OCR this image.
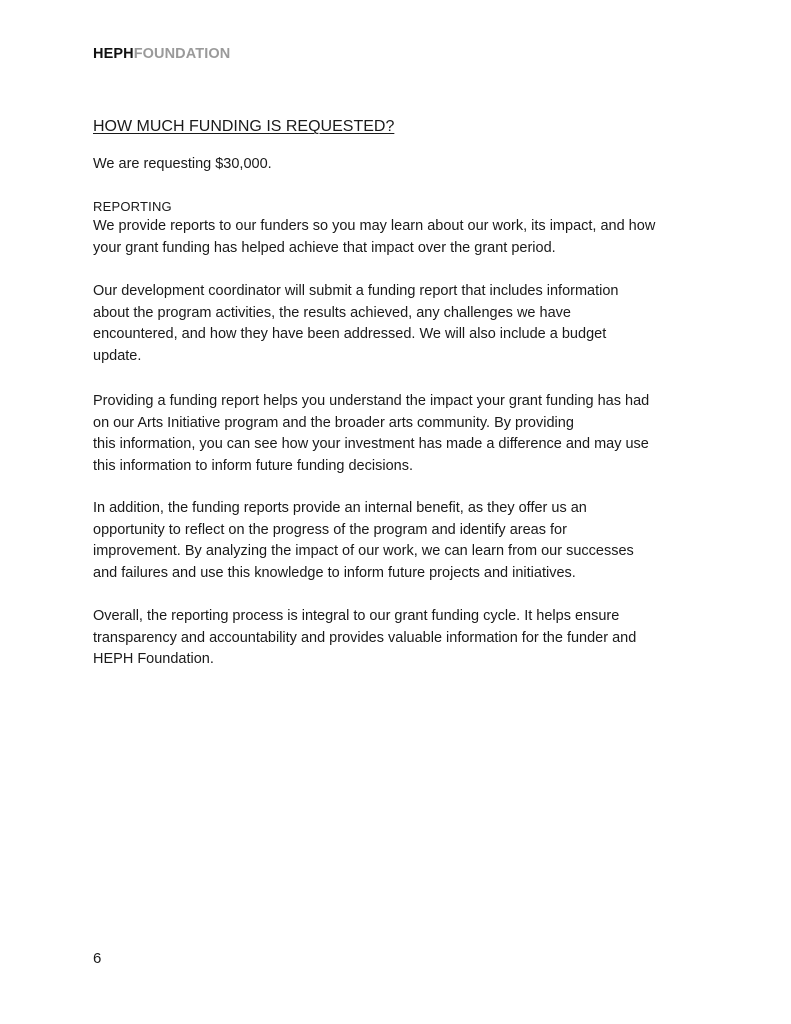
HEPHFOUNDATION
HOW MUCH FUNDING IS REQUESTED?
We are requesting $30,000.
REPORTING
We provide reports to our funders so you may learn about our work, its impact, and how
your grant funding has helped achieve that impact over the grant period.
Our development coordinator will submit a funding report that includes information
about the program activities, the results achieved, any challenges we have
encountered, and how they have been addressed. We will also include a budget
update.
Providing a funding report helps you understand the impact your grant funding has had
on our Arts Initiative program and the broader arts community. By providing
this information, you can see how your investment has made a difference and may use
this information to inform future funding decisions.
In addition, the funding reports provide an internal benefit, as they offer us an
opportunity to reflect on the progress of the program and identify areas for
improvement. By analyzing the impact of our work, we can learn from our successes
and failures and use this knowledge to inform future projects and initiatives.
Overall, the reporting process is integral to our grant funding cycle. It helps ensure
transparency and accountability and provides valuable information for the funder and
HEPH Foundation.
6
